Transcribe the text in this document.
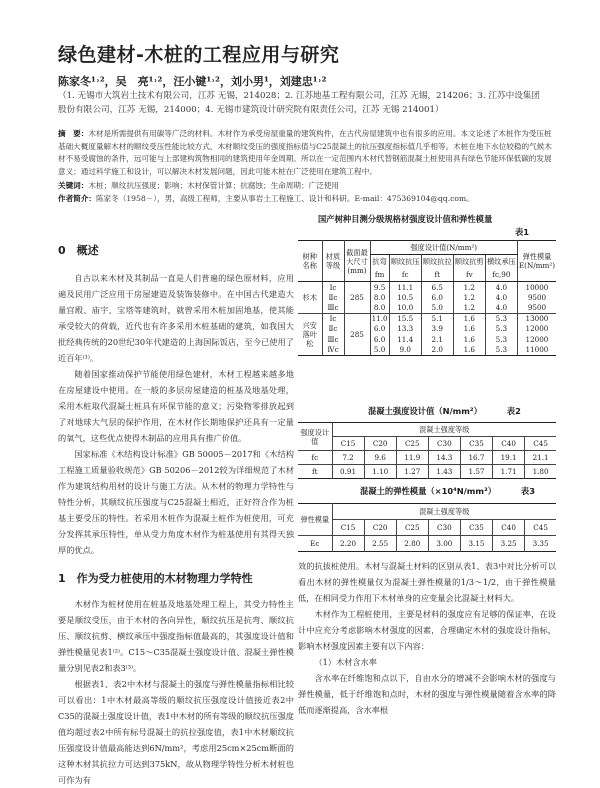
绿色建材-木桩的工程应用与研究
陈家冬¹˒²，吴　亮¹˒²，汪小键¹˒²，刘小男¹，刘建忠¹˒²
（1. 无锡市大筑岩土技术有限公司，江苏 无锡，214028；2. 江苏地基工程有限公司，江苏 无锡，214206；3. 江苏中设集团股份有限公司，江苏 无锡，214000；4. 无锡市建筑设计研究院有限责任公司，江苏 无锡 214001）
摘　要：木材是所需提供有用碳等广泛的材料。木材作为承受房屋重量的建筑构件，在古代房屋建筑中也有很多的应用。本文论述了木桩作为受压桩基础大概度量解木材的顺纹受压性能比较方式，木材顺纹受压的强度指标值与C25混凝土的抗压强度指标值几乎相等。木桩在地下水位较稳的气候木材不易受腐蚀的条件，远可能与上部建构筑物相同的建筑使用年金周期。所以在一定范围内木材代替钢筋混凝土桩使用具有绿色节能环保低碳的发展意义；通过科学施工和设计，可以解决木材发展问题，因此可能木桩在广泛使用在建筑工程中。
关键词：木桩；顺纹抗压强度；影响；木材保管计算；抗腐蚀；生命周期；广泛使用
作者简介：陈家冬（1958－），男，高级工程师，主要从事岩土工程施工、设计和科研。E-mail：475369104@qq.com。
0　概述

自古以来木材及其制品一直是人们普遍的绿色原材料，应用遍及民用广泛应用于房屋建造及装饰装修中。在中国古代建造大量宫殿、庙宇、宝塔等建筑时，就曾采用木桩加固地基，使其能承受较大的荷载，近代也有许多采用木桩基础的建筑，如我国大批经典传统的20世纪30年代建造的上海国际饭店，至今已使用了近百年⁽¹⁾。

随着国家推动保护节能使用绿色建材，木材工程越来越多地在房屋建设中使用。在一般的多层房屋建造的桩基及地基处理，采用木桩取代混凝土桩具有环保节能的意义；污染物零排放起到了对地球大气层的保护作用，在木材作长期地保护还具有一定量的氧气，这些优点使得木制品的应用具有推广价值。

国家标准《木结构设计标准》GB 50005－2017和《木结构工程施工质量验收规范》GB 50206－2012较为详细规范了木材作为建筑结构用材的设计与施工方法。从木材的物理力学特性与特性分析，其顺纹抗压强度与C25混凝土相近，正好符合作为桩基主要受压的特性。若采用木桩作为混凝土桩作为桩使用，可充分发挥其承压特性，单从受力角度木材作为桩基使用有其得天独厚的优点。

1　作为受力桩使用的木材物理力学特性

木材作为桩材使用在桩基及地基处理工程上，其受力特性主要是顺纹受压，由于木材的各向异性，顺纹抗压是抗弯、顺纹抗压、顺纹抗剪、横纹承压中强度指标值最高的，其强度设计值和弹性模量见表1⁽²⁾。C15～C35混凝土强度设计值、混凝土弹性模量分别见表2和表3⁽³⁾。

根据表1、表2中木材与混凝土的强度与弹性模量指标相比较可以看出：1中木材最高等级的顺纹抗压强度设计值接近表2中C35的混凝土强度设计值，表1中木材的所有等级的顺纹抗压强度值均超过表2中所有标号混凝土的抗拉强度值，表1中木材顺纹抗压强度设计值最高能达到6N/mm²，考虑用25cm×25cm断面的这种木材其抗拉力可达到375kN，故从物理学特性分析木材桩也可作为有

国产树种目测分级规格材强度设计值和弹性模量
表1
树种名称	材质等级	截面最大尺寸(mm)	强度设计值(N/mm²)					弹性模量E(N/mm²)
			抗弯	顺纹抗压	顺纹抗拉	顺纹抗剪	横纹承压	
			fm	fc	ft	fv	fc,90	
杉木	Ⅰc	285	9.5	11.1	6.5	1.2	4.0	10000
	Ⅱc		8.0	10.5	6.0	1.2	4.0	9500
	Ⅲc		8.0	10.0	5.0	1.2	4.0	9500
兴安落叶松	Ⅰc	285	11.0	15.5	5.1	1.6	5.3	13000
	Ⅱc		6.0	13.3	3.9	1.6	5.3	12000
	Ⅲc		6.0	11.4	2.1	1.6	5.3	12000
	Ⅳc		5.0	9.0	2.0	1.6	5.3	11000
混凝土强度设计值（N/mm²）	表2
强度设计值	混凝土强度等级						
	C15	C20	C25	C30	C35	C40	C45
fc	7.2	9.6	11.9	14.3	16.7	19.1	21.1
ft	0.91	1.10	1.27	1.43	1.57	1.71	1.80
混凝土的弹性模量（×10⁴N/mm²）	表3
弹性模量	混凝土强度等级						
	C15	C20	C25	C30	C35	C40	C45
Ec	2.20	2.55	2.80	3.00	3.15	3.25	3.35

效的抗拔桩使用。木材与混凝土材料的区别从表1、表3中对比分析可以看出木材的弹性模量仅为混凝土弹性模量的1/3～1/2，由于弹性模量低，在相同受力作用下木材单身的应变量会比混凝土材料大。

木材作为工程桩使用，主要是材料的强度应有足够的保证率，在设计中应充分考虑影响木材强度的因素，合理确定木材的强度设计指标，影响木材强度因素主要有以下内容：

（1）木材含水率

含水率在纤维饱和点以下，自由水分的增减不会影响木材的强度与弹性模量，低于纤维饱和点时，木材的强度与弹性模量随着含水率的降低而逐渐提高，含水率根
